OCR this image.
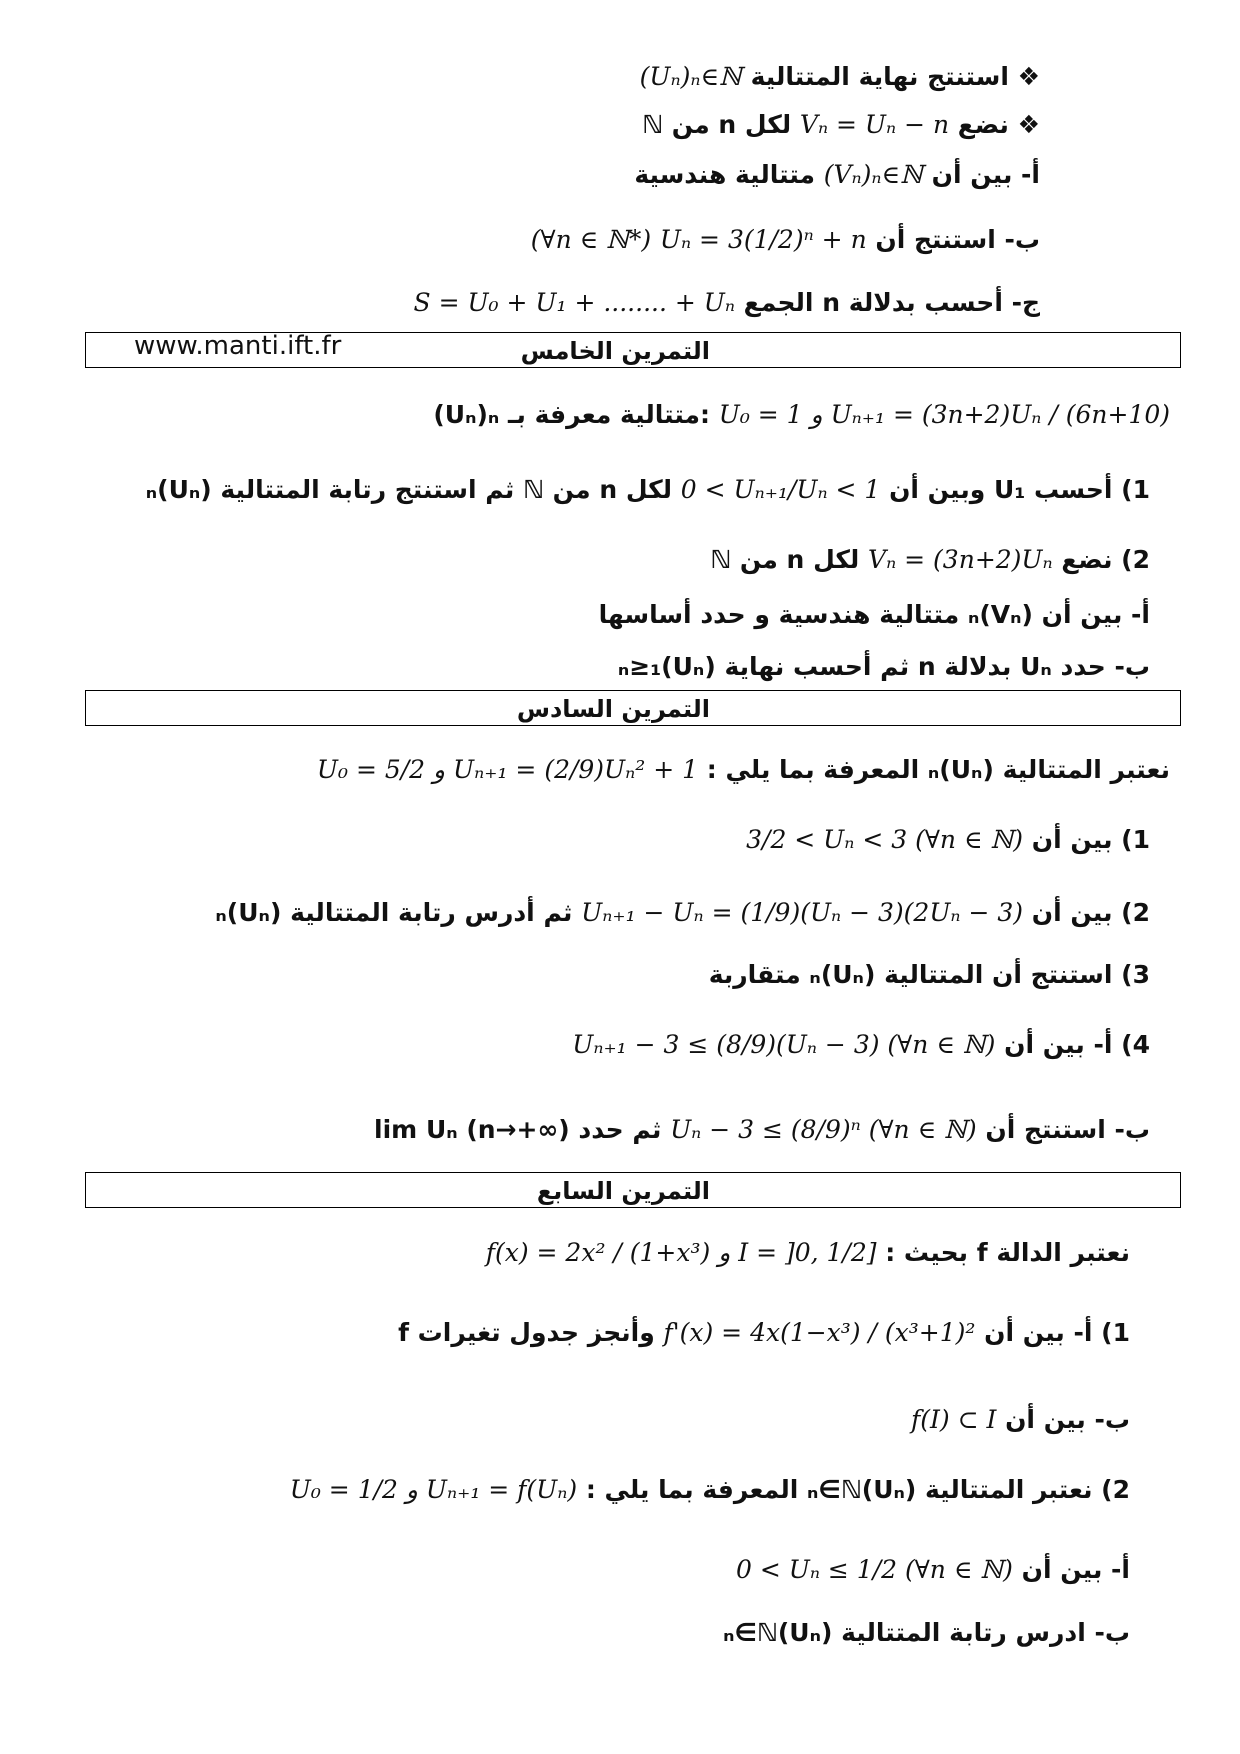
❖ استنتج نهاية المتتالية (Uₙ)ₙ∈ℕ
❖ نضع Vₙ = Uₙ − n لكل n من ℕ
أ- بين أن (Vₙ)ₙ∈ℕ متتالية هندسية
ب- استنتج أن Uₙ = 3(1/2)ⁿ + n (∀n ∈ ℕ*)
ج- أحسب بدلالة n الجمع S = U₀ + U₁ + ........ + Uₙ
www.manti.ift.fr	التمرين الخامس
(Uₙ)ₙ متتالية معرفة بـ: U₀ = 1 و Uₙ₊₁ = (3n+2)Uₙ / (6n+10)
1) أحسب U₁ وبين أن 0 < Uₙ₊₁/Uₙ < 1 لكل n من ℕ ثم استنتج رتابة المتتالية (Uₙ)ₙ
2) نضع Vₙ = (3n+2)Uₙ لكل n من ℕ
أ- بين أن (Vₙ)ₙ متتالية هندسية و حدد أساسها
ب- حدد Uₙ بدلالة n ثم أحسب نهاية (Uₙ)ₙ≥₁
التمرين السادس
نعتبر المتتالية (Uₙ)ₙ المعرفة بما يلي : U₀ = 5/2 و Uₙ₊₁ = (2/9)Uₙ² + 1
1) بين أن 3/2 < Uₙ < 3 (∀n ∈ ℕ)
2) بين أن Uₙ₊₁ − Uₙ = (1/9)(Uₙ − 3)(2Uₙ − 3) ثم أدرس رتابة المتتالية (Uₙ)ₙ
3) استنتج أن المتتالية (Uₙ)ₙ متقاربة
4) أ- بين أن Uₙ₊₁ − 3 ≤ (8/9)(Uₙ − 3) (∀n ∈ ℕ)
ب- استنتج أن Uₙ − 3 ≤ (8/9)ⁿ (∀n ∈ ℕ) ثم حدد lim Uₙ (n→+∞)
التمرين السابع
نعتبر الدالة f بحيث : f(x) = 2x² / (1+x³) و I = ]0, 1/2]
1) أ- بين أن f'(x) = 4x(1−x³) / (x³+1)² وأنجز جدول تغيرات f
ب- بين أن f(I) ⊂ I
2) نعتبر المتتالية (Uₙ)ₙ∈ℕ المعرفة بما يلي : U₀ = 1/2 و Uₙ₊₁ = f(Uₙ)
أ- بين أن 0 < Uₙ ≤ 1/2 (∀n ∈ ℕ)
ب- ادرس رتابة المتتالية (Uₙ)ₙ∈ℕ
